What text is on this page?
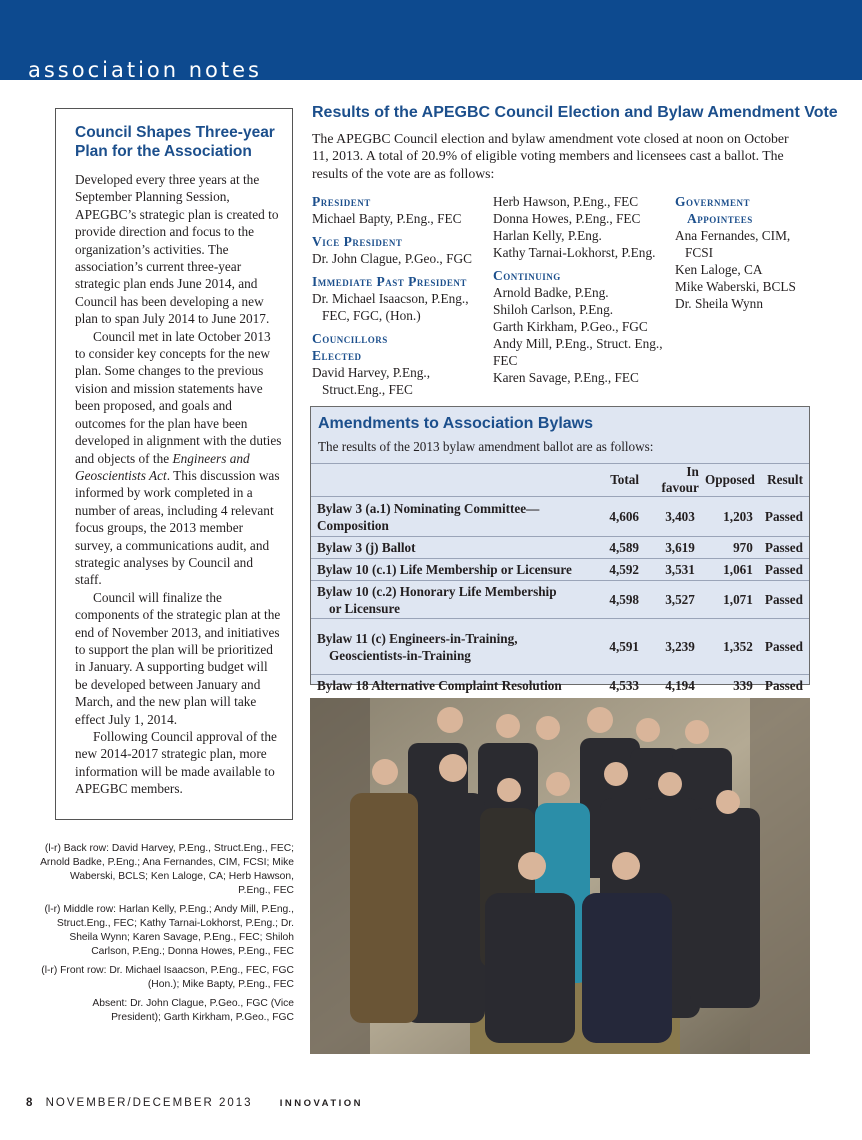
association notes
Council Shapes Three-year Plan for the Association

Developed every three years at the September Planning Session, APEGBC’s strategic plan is created to provide direction and focus to the organization’s activities. The association’s current three-year strategic plan ends June 2014, and Council has been developing a new plan to span July 2014 to June 2017.

Council met in late October 2013 to consider key concepts for the new plan. Some changes to the previous vision and mission statements have been proposed, and goals and outcomes for the plan have been developed in alignment with the duties and objects of the Engineers and Geoscientists Act. This discussion was informed by work completed in a number of areas, including 4 relevant focus groups, the 2013 member survey, a communications audit, and strategic analyses by Council and staff.

Council will finalize the components of the strategic plan at the end of November 2013, and initiatives to support the plan will be prioritized in January. A supporting budget will be developed between January and March, and the new plan will take effect July 1, 2014.

Following Council approval of the new 2014-2017 strategic plan, more information will be made available to APEGBC members.

(l-r) Back row: David Harvey, P.Eng., Struct.Eng., FEC; Arnold Badke, P.Eng.; Ana Fernandes, CIM, FCSI; Mike Waberski, BCLS; Ken Laloge, CA; Herb Hawson, P.Eng., FEC

(l-r) Middle row: Harlan Kelly, P.Eng.; Andy Mill, P.Eng., Struct.Eng., FEC; Kathy Tarnai-Lokhorst, P.Eng.; Dr. Sheila Wynn; Karen Savage, P.Eng., FEC; Shiloh Carlson, P.Eng.; Donna Howes, P.Eng., FEC

(l-r) Front row: Dr. Michael Isaacson, P.Eng., FEC, FGC (Hon.); Mike Bapty, P.Eng., FEC

Absent: Dr. John Clague, P.Geo., FGC (Vice President); Garth Kirkham, P.Geo., FGC

Results of the APEGBC Council Election and Bylaw Amendment Vote

The APEGBC Council election and bylaw amendment vote closed at noon on October 11, 2013. A total of 20.9% of eligible voting members and licensees cast a ballot. The results of the vote are as follows:

President
Michael Bapty, P.Eng., FEC
Vice President
Dr. John Clague, P.Geo., FGC
Immediate Past President
Dr. Michael Isaacson, P.Eng., FEC, FGC, (Hon.)
Councillors
Elected
David Harvey, P.Eng., Struct.Eng., FEC
Herb Hawson, P.Eng., FEC
Donna Howes, P.Eng., FEC
Harlan Kelly, P.Eng.
Kathy Tarnai-Lokhorst, P.Eng.
Continuing
Arnold Badke, P.Eng.
Shiloh Carlson, P.Eng.
Garth Kirkham, P.Geo., FGC
Andy Mill, P.Eng., Struct. Eng., FEC
Karen Savage, P.Eng., FEC
Government
Appointees
Ana Fernandes, CIM, FCSI
Ken Laloge, CA
Mike Waberski, BCLS
Dr. Sheila Wynn
Amendments to Association Bylaws

The results of the 2013 bylaw amendment ballot are as follows:

	Total	In favour	Opposed	Result

Bylaw 3 (a.1) Nominating Committee—
Composition	4,606	3,403	1,203	Passed
Bylaw 3 (j) Ballot	4,589	3,619	970	Passed
Bylaw 10 (c.1) Life Membership or Licensure	4,592	3,531	1,061	Passed

Bylaw 10 (c.2) Honorary Life Membership
or Licensure	4,598	3,527	1,071	Passed

Bylaw 11 (c) Engineers-in-Training,
Geoscientists-in-Training	4,591	3,239	1,352	Passed
Bylaw 18 Alternative Complaint Resolution	4,533	4,194	339	Passed
8 NOVEMBER/DECEMBER 2013	INNOVATION
